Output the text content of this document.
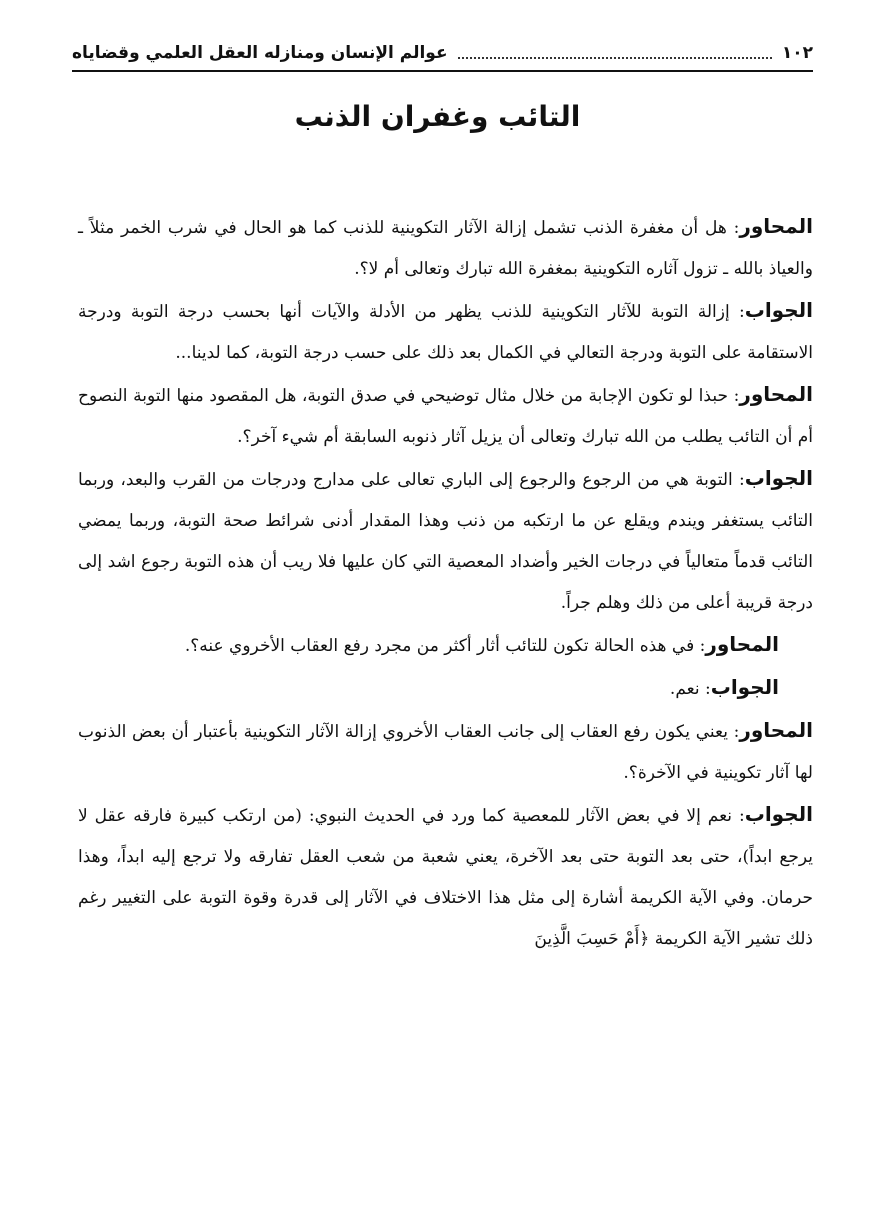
١٠٢
عوالم الإنسان ومنازله العقل العلمي وقضاياه
التائب وغفران الذنب

المحاور: هل أن مغفرة الذنب تشمل إزالة الآثار التكوينية للذنب كما هو الحال في شرب الخمر مثلاً ـ والعياذ بالله ـ تزول آثاره التكوينية بمغفرة الله تبارك وتعالى أم لا؟.

الجواب: إزالة التوبة للآثار التكوينية للذنب يظهر من الأدلة والآيات أنها بحسب درجة التوبة ودرجة الاستقامة على التوبة ودرجة التعالي في الكمال بعد ذلك على حسب درجة التوبة، كما لدينا...

المحاور: حبذا لو تكون الإجابة من خلال مثال توضيحي في صدق التوبة، هل المقصود منها التوبة النصوح أم أن التائب يطلب من الله تبارك وتعالى أن يزيل آثار ذنوبه السابقة أم شيء آخر؟.

الجواب: التوبة هي من الرجوع والرجوع إلى الباري تعالى على مدارج ودرجات من القرب والبعد، وربما التائب يستغفر ويندم ويقلع عن ما ارتكبه من ذنب وهذا المقدار أدنى شرائط صحة التوبة، وربما يمضي التائب قدماً متعالياً في درجات الخير وأضداد المعصية التي كان عليها فلا ريب أن هذه التوبة رجوع اشد إلى درجة قريبة أعلى من ذلك وهلم جراً.

المحاور: في هذه الحالة تكون للتائب أثار أكثر من مجرد رفع العقاب الأخروي عنه؟.

الجواب: نعم.

المحاور: يعني يكون رفع العقاب إلى جانب العقاب الأخروي إزالة الآثار التكوينية بأعتبار أن بعض الذنوب لها آثار تكوينية في الآخرة؟.

الجواب: نعم إلا في بعض الآثار للمعصية كما ورد في الحديث النبوي: (من ارتكب كبيرة فارقه عقل لا يرجع ابداً)، حتى بعد التوبة حتى بعد الآخرة، يعني شعبة من شعب العقل تفارقه ولا ترجع إليه ابداً، وهذا حرمان. وفي الآية الكريمة أشارة إلى مثل هذا الاختلاف في الآثار إلى قدرة وقوة التوبة على التغيير رغم ذلك تشير الآية الكريمة ﴿أَمْ حَسِبَ الَّذِينَ
